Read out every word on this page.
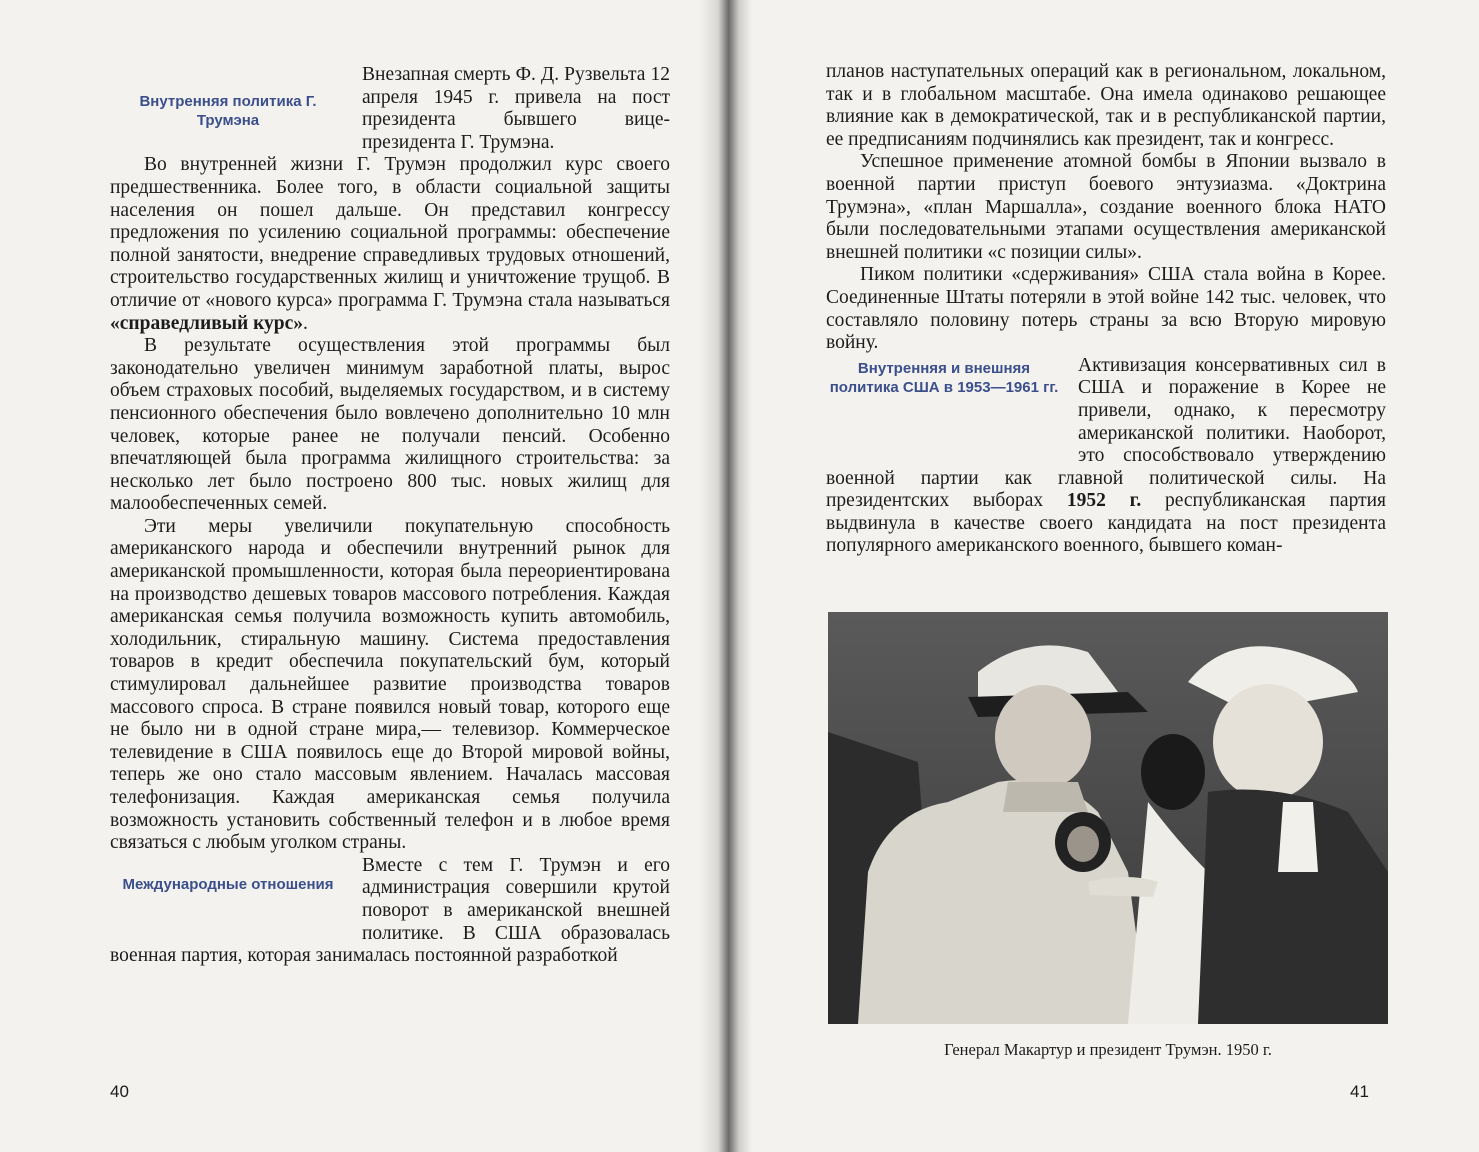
Внутренняя политика Г. Трумэна

Внезапная смерть Ф. Д. Рузвельта 12 апреля 1945 г. привела на пост президента бывшего вице-президента Г. Трумэна.

Во внутренней жизни Г. Трумэн продолжил курс своего предшественника. Более того, в области социальной защиты населения он пошел дальше. Он представил конгрессу предложения по усилению социальной программы: обеспечение полной занятости, внедрение справедливых трудовых отношений, строительство государственных жилищ и уничтожение трущоб. В отличие от «нового курса» программа Г. Трумэна стала называться «справедливый курс».

В результате осуществления этой программы был законодательно увеличен минимум заработной платы, вырос объем страховых пособий, выделяемых государством, и в систему пенсионного обеспечения было вовлечено дополнительно 10 млн человек, которые ранее не получали пенсий. Особенно впечатляющей была программа жилищного строительства: за несколько лет было построено 800 тыс. новых жилищ для малообеспеченных семей.

Эти меры увеличили покупательную способность американского народа и обеспечили внутренний рынок для американской промышленности, которая была переориентирована на производство дешевых товаров массового потребления. Каждая американская семья получила возможность купить автомобиль, холодильник, стиральную машину. Система предоставления товаров в кредит обеспечила покупательский бум, который стимулировал дальнейшее развитие производства товаров массового спроса. В стране появился новый товар, которого еще не было ни в одной стране мира,— телевизор. Коммерческое телевидение в США появилось еще до Второй мировой войны, теперь же оно стало массовым явлением. Началась массовая телефонизация. Каждая американская семья получила возможность установить собственный телефон и в любое время связаться с любым уголком страны.

Международные отношения

Вместе с тем Г. Трумэн и его администрация совершили крутой поворот в американской внешней политике. В США образовалась военная партия, которая занималась постоянной разработкой

40

планов наступательных операций как в региональном, локальном, так и в глобальном масштабе. Она имела одинаково решающее влияние как в демократической, так и в республиканской партии, ее предписаниям подчинялись как президент, так и конгресс.

Успешное применение атомной бомбы в Японии вызвало в военной партии приступ боевого энтузиазма. «Доктрина Трумэна», «план Маршалла», создание военного блока НАТО были последовательными этапами осуществления американской внешней политики «с позиции силы».

Пиком политики «сдерживания» США стала война в Корее. Соединенные Штаты потеряли в этой войне 142 тыс. человек, что составляло половину потерь страны за всю Вторую мировую войну.

Внутренняя и внешняя политика США в 1953—1961 гг.

Активизация консервативных сил в США и поражение в Корее не привели, однако, к пересмотру американской политики. Наоборот, это способствовало утверждению военной партии как главной политической силы. На президентских выборах 1952 г. республиканская партия выдвинула в качестве своего кандидата на пост президента популярного американского военного, бывшего коман-

Генерал Макартур и президент Трумэн. 1950 г.
41
